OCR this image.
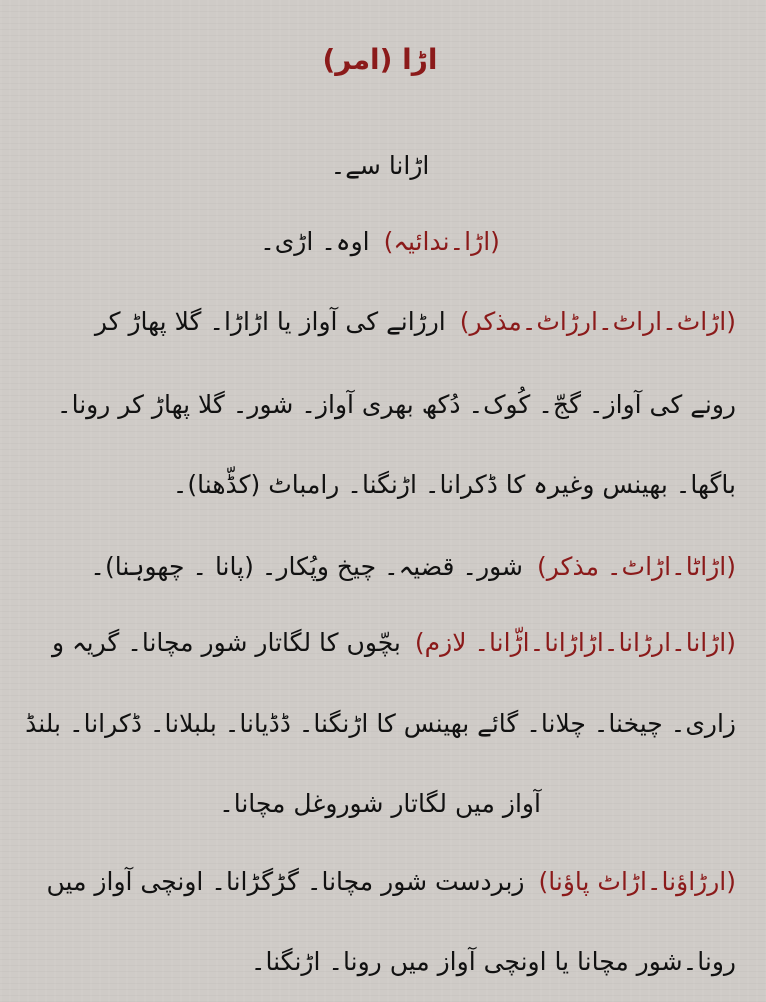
اڑا (امر)
اڑانا سے۔
(اڑا۔ندائیہ)اوہ۔ اڑی۔
(اڑاٹ۔اراٹ۔ارڑاٹ۔مذکر)ارڑانے کی آواز یا اڑاڑا۔ گلا پھاڑ کر
رونے کی آواز۔ گجّ۔ کُوک۔ دُکھ بھری آواز۔ شور۔ گلا پھاڑ کر رونا۔
باگھا۔ بھینس وغیرہ کا ڈکرانا۔ اڑنگنا۔ رامباٹ (کڈّھنا)۔
(اڑاٹا۔اڑاٹ۔ مذکر)شور۔ قضیہ۔ چیخ وپُکار۔ (پانا ۔ چھوہنا)۔
(اڑانا۔ارڑانا۔اڑاڑانا۔اڑّانا۔ لازم)بچّوں کا لگاتار شور مچانا۔ گریہ و
زاری۔ چیخنا۔ چلانا۔ گائے بھینس کا اڑنگنا۔ ڈڈیانا۔ بلبلانا۔ ڈکرانا۔ بلنڈ
آواز میں لگاتار شوروغل مچانا۔
(ارڑاؤنا۔اڑاٹ پاؤنا)زبردست شور مچانا۔ گڑگڑانا۔ اونچی آواز میں
رونا۔شور مچانا یا اونچی آواز میں رونا۔ اڑنگنا۔
